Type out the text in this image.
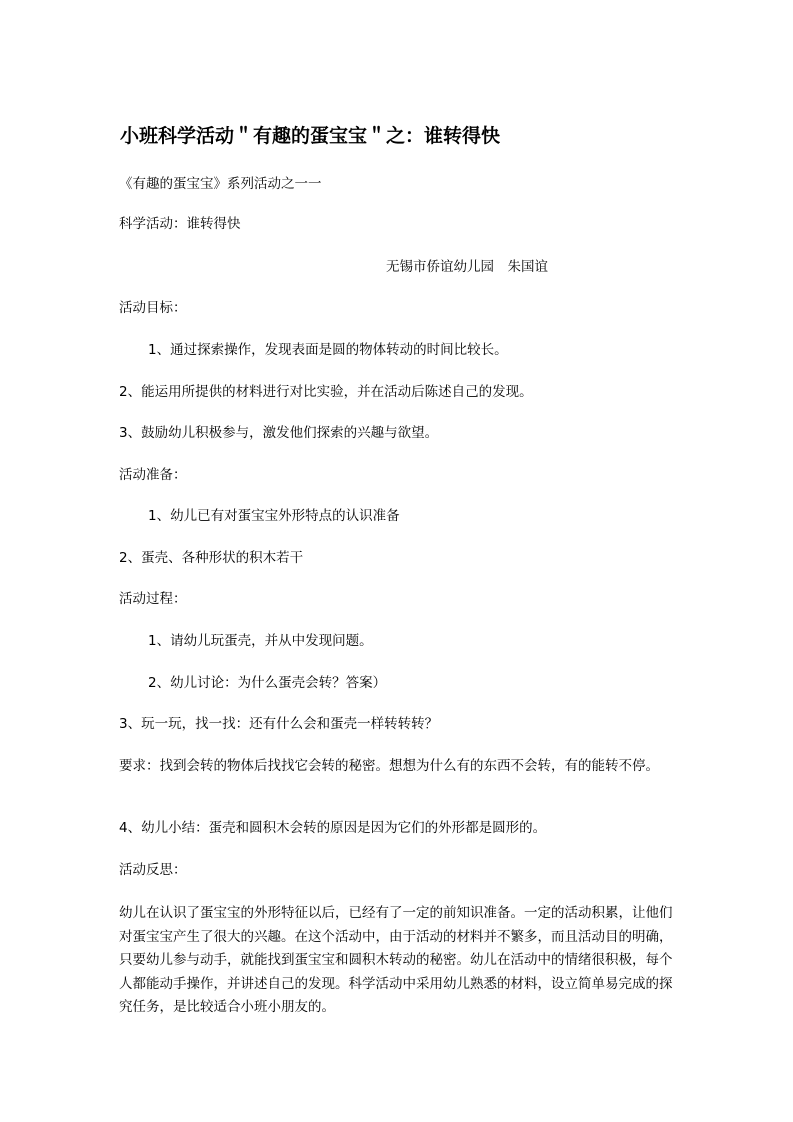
小班科学活动＂有趣的蛋宝宝＂之：谁转得快
《有趣的蛋宝宝》系列活动之一一
科学活动：谁转得快
无锡市侨谊幼儿园　朱国谊
活动目标：
1、通过探索操作，发现表面是圆的物体转动的时间比较长。
2、能运用所提供的材料进行对比实验，并在活动后陈述自己的发现。
3、鼓励幼儿积极参与，激发他们探索的兴趣与欲望。
活动准备：
1、幼儿已有对蛋宝宝外形特点的认识准备
2、蛋壳、各种形状的积木若干
活动过程：
1、请幼儿玩蛋壳，并从中发现问题。
2、幼儿讨论：为什么蛋壳会转？答案）
3、玩一玩，找一找：还有什么会和蛋壳一样转转转？
要求：找到会转的物体后找找它会转的秘密。想想为什么有的东西不会转，有的能转不停。
4、幼儿小结：蛋壳和圆积木会转的原因是因为它们的外形都是圆形的。
活动反思：
幼儿在认识了蛋宝宝的外形特征以后，已经有了一定的前知识准备。一定的活动积累，让他们对蛋宝宝产生了很大的兴趣。在这个活动中，由于活动的材料并不繁多，而且活动目的明确，只要幼儿参与动手，就能找到蛋宝宝和圆积木转动的秘密。幼儿在活动中的情绪很积极，每个人都能动手操作，并讲述自己的发现。科学活动中采用幼儿熟悉的材料，设立简单易完成的探究任务，是比较适合小班小朋友的。
